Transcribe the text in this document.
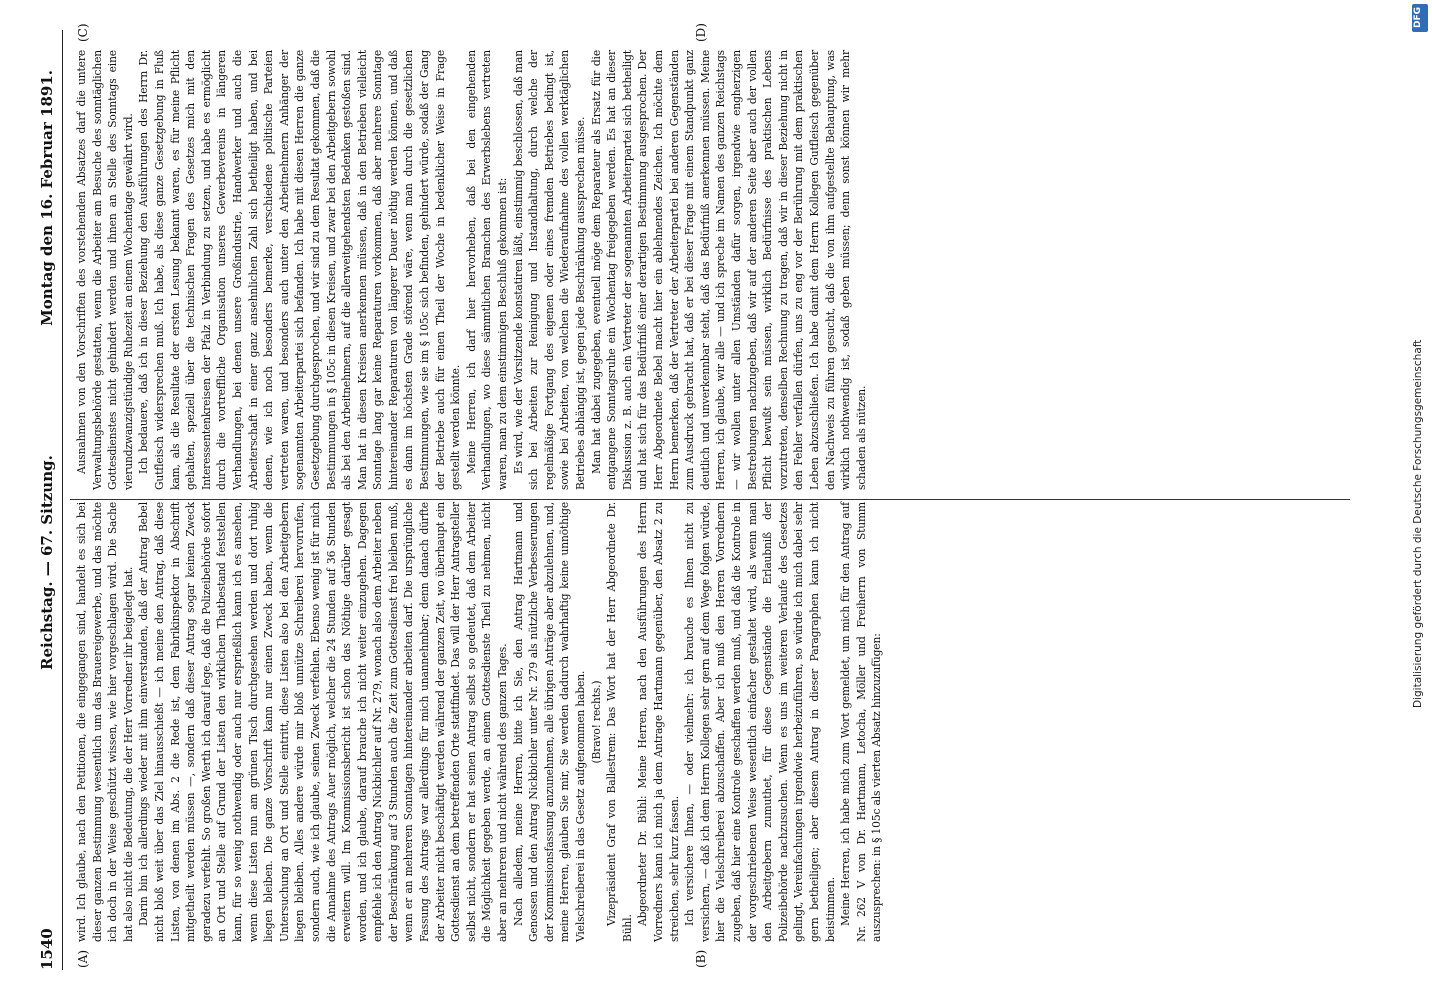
1540
Reichstag. — 67. Sitzung.
Montag den 16. Februar 1891.
(A)	(B)
(C)	(D)

wird. Ich glaube, nach den Petitionen, die eingegangen sind, handelt es sich bei dieser ganzen Bestimmung wesentlich um das Brauereigewerbe, und das möchte ich doch in der Weise geschützt wissen, wie hier vorgeschlagen wird. Die Sache hat also nicht die Bedeutung, die der Herr Vorredner ihr beigelegt hat. Darin bin ich allerdings wieder mit ihm einverstanden, daß der Antrag Bebel nicht bloß weit über das Ziel hinausschießt — ich meine den Antrag, daß diese Listen, von denen im Abs. 2 die Rede ist, dem Fabrikinspektor in Abschrift mitgetheilt werden müssen —, sondern daß dieser Antrag sogar keinen Zweck geradezu verfehlt. So großen Werth ich darauf lege, daß die Polizeibehörde sofort an Ort und Stelle auf Grund der Listen den wirklichen Thatbestand feststellen kann, für so wenig nothwendig oder auch nur ersprießlich kann ich es ansehen, wenn diese Listen nun am grünen Tisch durchgesehen werden und dort ruhig liegen bleiben. Die ganze Vorschrift kann nur einen Zweck haben, wenn die Untersuchung an Ort und Stelle eintritt, diese Listen also bei den Arbeitgebern liegen bleiben. Alles andere würde mir bloß unnütze Schreiberei hervorrufen, sondern auch, wie ich glaube, seinen Zweck verfehlen. Ebenso wenig ist für mich die Annahme des Antrags Auer möglich, welcher die 24 Stunden auf 36 Stunden erweitern will. Im Kommissionsbericht ist schon das Nöthige darüber gesagt worden, und ich glaube, darauf brauche ich nicht weiter einzugehen. Dagegen empfehle ich den Antrag Nickbichler auf Nr. 279, wonach also dem Arbeiter neben der Beschränkung auf 3 Stunden auch die Zeit zum Gottesdienst frei bleiben muß, wenn er an mehreren Sonntagen hintereinander arbeiten darf. Die ursprüngliche Fassung des Antrags war allerdings für mich unannehmbar; denn danach dürfte der Arbeiter nicht beschäftigt werden während der ganzen Zeit, wo überhaupt ein Gottesdienst an dem betreffenden Orte stattfindet. Das will der Herr Antragsteller selbst nicht, sondern er hat seinen Antrag selbst so gedeutet, daß dem Arbeiter die Möglichkeit gegeben werde, an einem Gottesdienste Theil zu nehmen, nicht aber an mehreren und nicht während des ganzen Tages. Nach alledem, meine Herren, bitte ich Sie, den Antrag Hartmann und Genossen und den Antrag Nickbichler unter Nr. 279 als nützliche Verbesserungen der Kommissionsfassung anzunehmen, alle übrigen Anträge aber abzulehnen, und, meine Herren, glauben Sie mir, Sie werden dadurch wahrhaftig keine unnöthige Vielschreiberei in das Gesetz aufgenommen haben. (Bravo! rechts.) Vizepräsident Graf von Ballestrem: Das Wort hat der Herr Abgeordnete Dr. Bühl.

Abgeordneter Dr. Bühl: Meine Herren, nach den Ausführungen des Herrn Vorredners kann ich mich ja dem Antrage Hartmann gegenüber, den Absatz 2 zu streichen, sehr kurz fassen. Ich versichere Ihnen, — oder vielmehr: ich brauche es Ihnen nicht zu versichern, — daß ich dem Herrn Kollegen sehr gern auf dem Wege folgen würde, hier die Vielschreiberei abzuschaffen. Aber ich muß den Herren Vorrednern zugeben, daß hier eine Kontrole geschaffen werden muß, und daß die Kontrole in der vorgeschriebenen Weise wesentlich einfacher gestaltet wird, als wenn man den Arbeitgebern zumuthet, für diese Gegenstände die Erlaubniß der Polizeibehörde nachzusuchen. Wenn es uns im weiteren Verlaufe des Gesetzes gelingt, Vereinfachungen irgendwie herbeizuführen, so würde ich mich dabei sehr gern betheiligen; aber diesem Antrag in dieser Paragraphen kann ich nicht beistimmen. Meine Herren, ich habe mich zum Wort gemeldet, um mich für den Antrag auf Nr. 262 V von Dr. Hartmann, Letocha, Möller und Freiherrn von Stumm auszusprechen: in § 105c als vierten Absatz hinzuzufügen:

Ausnahmen von den Vorschriften des vorstehenden Absatzes darf die untere Verwaltungsbehörde gestatten, wenn die Arbeiter am Besuche des sonntäglichen Gottesdienstes nicht gehindert werden und ihnen an Stelle des Sonntags eine vierundzwanzigstündige Ruhezeit an einem Wochentage gewährt wird. Ich bedauere, daß ich in dieser Beziehung den Ausführungen des Herrn Dr. Gutfleisch widersprechen muß. Ich habe, als diese ganze Gesetzgebung in Fluß kam, als die Resultate der ersten Lesung bekannt waren, es für meine Pflicht gehalten, speziell über die technischen Fragen des Gesetzes mich mit den Interessentenkreisen der Pfalz in Verbindung zu setzen, und habe es ermöglicht durch die vortreffliche Organisation unseres Gewerbevereins in längeren Verhandlungen, bei denen unsere Großindustrie, Handwerker und auch die Arbeiterschaft in einer ganz ansehnlichen Zahl sich betheiligt haben, und bei denen, wie ich noch besonders bemerke, verschiedene politische Parteien vertreten waren, und besonders auch unter den Arbeitnehmern Anhänger der sogenannten Arbeiterpartei sich befanden. Ich habe mit diesen Herren die ganze Gesetzgebung durchgesprochen, und wir sind zu dem Resultat gekommen, daß die Bestimmungen in § 105c in diesen Kreisen, und zwar bei den Arbeitgebern sowohl als bei den Arbeitnehmern, auf die allerweitgehendsten Bedenken gestoßen sind. Man hat in diesen Kreisen anerkennen müssen, daß in den Betrieben vielleicht Sonntage lang gar keine Reparaturen vorkommen, daß aber mehrere Sonntage hintereinander Reparaturen von längerer Dauer nöthig werden können, und daß es dann im höchsten Grade störend wäre, wenn man durch die gesetzlichen Bestimmungen, wie sie im § 105c sich befinden, gehindert würde, sodaß der Gang der Betriebe auch für einen Theil der Woche in bedenklicher Weise in Frage gestellt werden könnte. Meine Herren, ich darf hier hervorheben, daß bei den eingehenden Verhandlungen, wo diese sämmtlichen Branchen des Erwerbslebens vertreten waren, man zu dem einstimmigen Beschluß gekommen ist: Es wird, wie der Vorsitzende konstatiren läßt, einstimmig beschlossen, daß man sich bei Arbeiten zur Reinigung und Instandhaltung, durch welche der regelmäßige Fortgang des eigenen oder eines fremden Betriebes bedingt ist, sowie bei Arbeiten, von welchen die Wiederaufnahme des vollen werktäglichen Betriebes abhängig ist, gegen jede Beschränkung aussprechen müsse. Man hat dabei zugegeben, eventuell möge dem Reparateur als Ersatz für die entgangene Sonntagsruhe ein Wochentag freigegeben werden. Es hat an dieser Diskussion z. B. auch ein Vertreter der sogenannten Arbeiterpartei sich betheiligt und hat sich für das Bedürfniß einer derartigen Bestimmung ausgesprochen. Der Herr Abgeordnete Bebel macht hier ein ablehnendes Zeichen. Ich möchte dem Herrn bemerken, daß der Vertreter der Arbeiterpartei bei anderen Gegenständen zum Ausdruck gebracht hat, daß er bei dieser Frage mit einem Standpunkt ganz deutlich und unverkennbar steht, daß das Bedürfniß anerkennen müssen. Meine Herren, ich glaube, wir alle — und ich spreche im Namen des ganzen Reichstags — wir wollen unter allen Umständen dafür sorgen, irgendwie engherzigen Bestrebungen nachzugeben, daß wir auf der anderen Seite aber auch der vollen Pflicht bewußt sein müssen, wirklich Bedürfnisse des praktischen Lebens vorzutreten, denselben Rechnung zu tragen, daß wir in dieser Beziehung nicht in den Fehler verfallen dürfen, uns zu eng vor der Berührung mit dem praktischen Leben abzuschließen. Ich habe damit dem Herrn Kollegen Gutfleisch gegenüber den Nachweis zu führen gesucht, daß die von ihm aufgestellte Behauptung, was wirklich nothwendig ist, sodaß geben müssen; denn sonst können wir mehr schaden als nützen.	Digitalisierung gefördert durch die Deutsche Forschungsgemeinschaft
DFG
